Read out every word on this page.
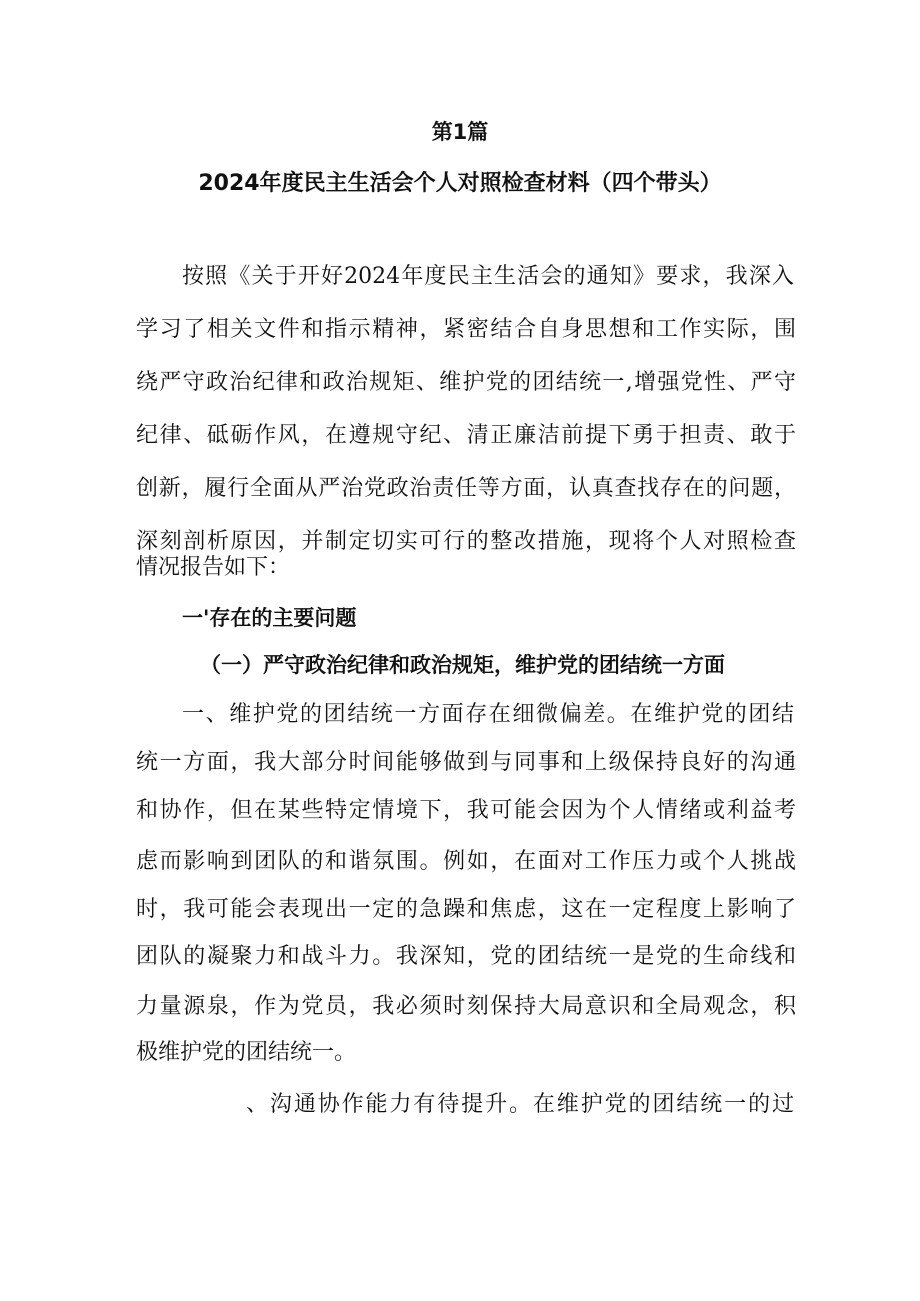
第1篇
2024年度民主生活会个人对照检查材料（四个带头）
按照《关于开好2024年度民主生活会的通知》要求，我深入
学习了相关文件和指示精神，紧密结合自身思想和工作实际，围
绕严守政治纪律和政治规矩、维护党的团结统一,增强党性、严守
纪律、砥砺作风，在遵规守纪、清正廉洁前提下勇于担责、敢于
创新，履行全面从严治党政治责任等方面，认真查找存在的问题，
深刻剖析原因，并制定切实可行的整改措施，现将个人对照检查
情况报告如下：
一'存在的主要问题
（一）严守政治纪律和政治规矩，维护党的团结统一方面
一、维护党的团结统一方面存在细微偏差。在维护党的团结
统一方面，我大部分时间能够做到与同事和上级保持良好的沟通
和协作，但在某些特定情境下，我可能会因为个人情绪或利益考
虑而影响到团队的和谐氛围。例如，在面对工作压力或个人挑战
时，我可能会表现出一定的急躁和焦虑，这在一定程度上影响了
团队的凝聚力和战斗力。我深知，党的团结统一是党的生命线和
力量源泉，作为党员，我必须时刻保持大局意识和全局观念，积
极维护党的团结统一。
、沟通协作能力有待提升。在维护党的团结统一的过
